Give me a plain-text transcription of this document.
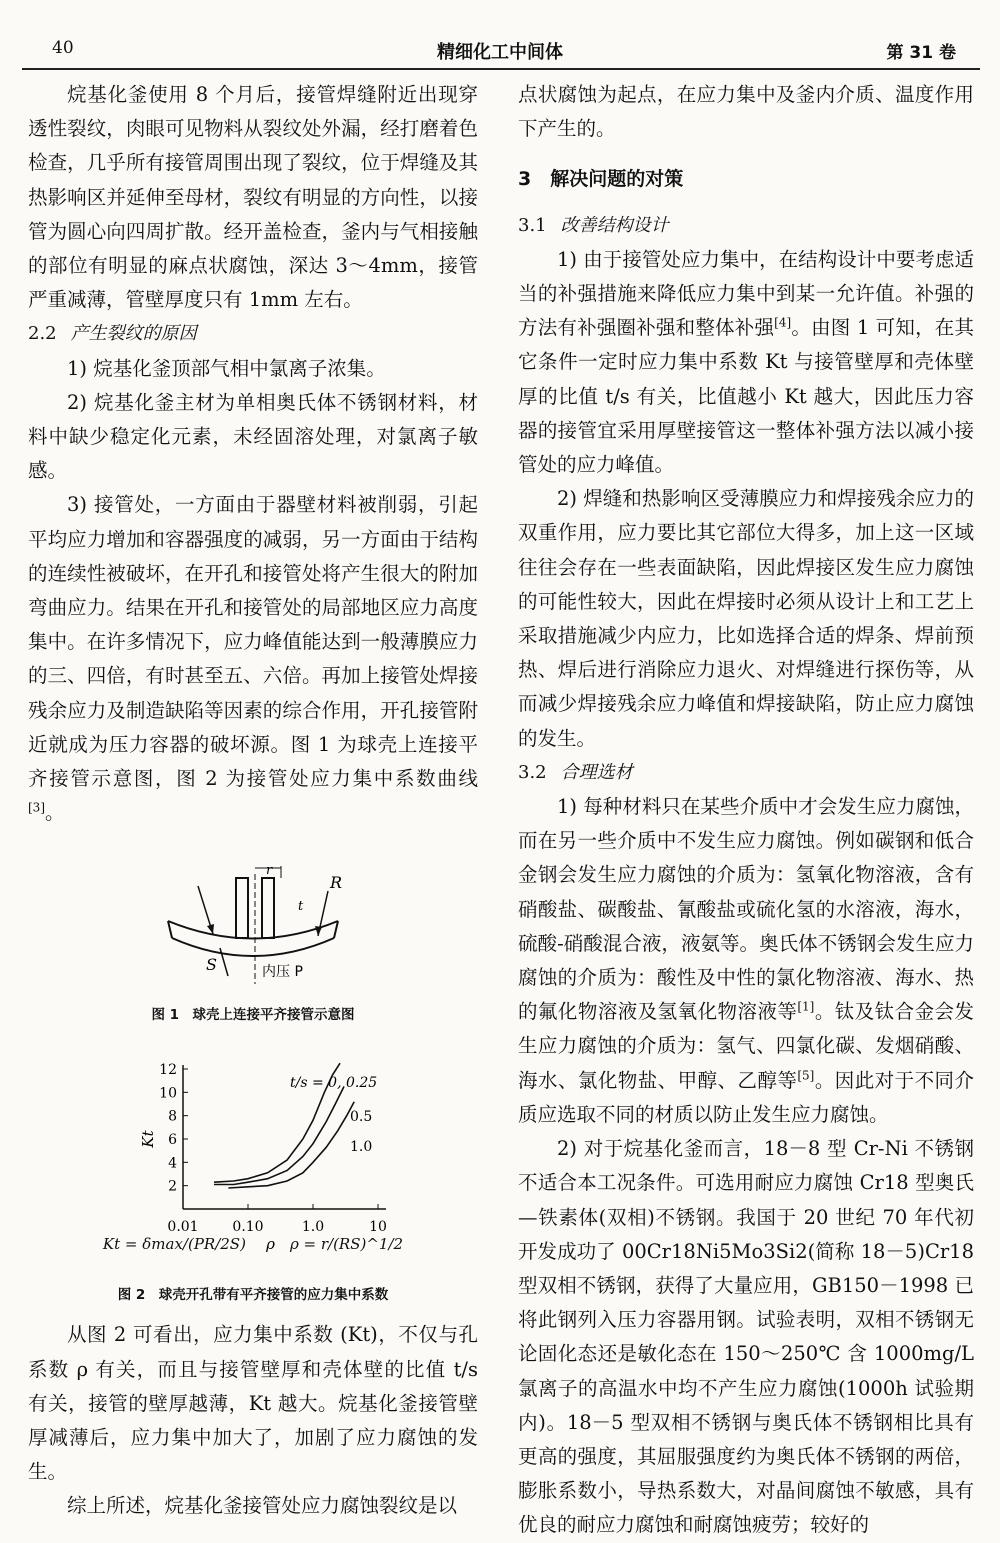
40	精细化工中间体	第 31 卷

烷基化釜使用 8 个月后，接管焊缝附近出现穿透性裂纹，肉眼可见物料从裂纹处外漏，经打磨着色检查，几乎所有接管周围出现了裂纹，位于焊缝及其热影响区并延伸至母材，裂纹有明显的方向性，以接管为圆心向四周扩散。经开盖检查，釜内与气相接触的部位有明显的麻点状腐蚀，深达 3～4mm，接管严重减薄，管壁厚度只有 1mm 左右。

2.2 产生裂纹的原因

1) 烷基化釜顶部气相中氯离子浓集。

2) 烷基化釜主材为单相奥氏体不锈钢材料，材料中缺少稳定化元素，未经固溶处理，对氯离子敏感。

3) 接管处，一方面由于器壁材料被削弱，引起平均应力增加和容器强度的减弱，另一方面由于结构的连续性被破坏，在开孔和接管处将产生很大的附加弯曲应力。结果在开孔和接管处的局部地区应力高度集中。在许多情况下，应力峰值能达到一般薄膜应力的三、四倍，有时甚至五、六倍。再加上接管处焊接残余应力及制造缺陷等因素的综合作用，开孔接管附近就成为压力容器的破坏源。图 1 为球壳上连接平齐接管示意图，图 2 为接管处应力集中系数曲线[3]。

r
t
R
S	内压 P
图 1　球壳上连接平齐接管示意图
0.01 0.10	1.0	10
2
4
6
8
10
12
Kt
ρ
t/s = 0, 0.25
0.5
1.0
Kt = δmax/(PR/2S)	ρ = r/(RS)^1/2
图 2　球壳开孔带有平齐接管的应力集中系数

从图 2 可看出，应力集中系数 (Kt)，不仅与孔系数 ρ 有关，而且与接管壁厚和壳体壁的比值 t/s 有关，接管的壁厚越薄，Kt 越大。烷基化釜接管壁厚减薄后，应力集中加大了，加剧了应力腐蚀的发生。

综上所述，烷基化釜接管处应力腐蚀裂纹是以

点状腐蚀为起点，在应力集中及釜内介质、温度作用下产生的。

3　解决问题的对策
3.1 改善结构设计

1) 由于接管处应力集中，在结构设计中要考虑适当的补强措施来降低应力集中到某一允许值。补强的方法有补强圈补强和整体补强[4]。由图 1 可知，在其它条件一定时应力集中系数 Kt 与接管壁厚和壳体壁厚的比值 t/s 有关，比值越小 Kt 越大，因此压力容器的接管宜采用厚壁接管这一整体补强方法以减小接管处的应力峰值。

2) 焊缝和热影响区受薄膜应力和焊接残余应力的双重作用，应力要比其它部位大得多，加上这一区域往往会存在一些表面缺陷，因此焊接区发生应力腐蚀的可能性较大，因此在焊接时必须从设计上和工艺上采取措施减少内应力，比如选择合适的焊条、焊前预热、焊后进行消除应力退火、对焊缝进行探伤等，从而减少焊接残余应力峰值和焊接缺陷，防止应力腐蚀的发生。

3.2 合理选材

1) 每种材料只在某些介质中才会发生应力腐蚀，而在另一些介质中不发生应力腐蚀。例如碳钢和低合金钢会发生应力腐蚀的介质为：氢氧化物溶液，含有硝酸盐、碳酸盐、氰酸盐或硫化氢的水溶液，海水，硫酸-硝酸混合液，液氨等。奥氏体不锈钢会发生应力腐蚀的介质为：酸性及中性的氯化物溶液、海水、热的氟化物溶液及氢氧化物溶液等[1]。钛及钛合金会发生应力腐蚀的介质为：氢气、四氯化碳、发烟硝酸、海水、氯化物盐、甲醇、乙醇等[5]。因此对于不同介质应选取不同的材质以防止发生应力腐蚀。

2) 对于烷基化釜而言，18－8 型 Cr-Ni 不锈钢不适合本工况条件。可选用耐应力腐蚀 Cr18 型奥氏—铁素体(双相)不锈钢。我国于 20 世纪 70 年代初开发成功了 00Cr18Ni5Mo3Si2(简称 18－5)Cr18 型双相不锈钢，获得了大量应用，GB150－1998 已将此钢列入压力容器用钢。试验表明，双相不锈钢无论固化态还是敏化态在 150～250℃ 含 1000mg/L 氯离子的高温水中均不产生应力腐蚀(1000h 试验期内)。18－5 型双相不锈钢与奥氏体不锈钢相比具有更高的强度，其屈服强度约为奥氏体不锈钢的两倍，膨胀系数小，导热系数大，对晶间腐蚀不敏感，具有优良的耐应力腐蚀和耐腐蚀疲劳；较好的
